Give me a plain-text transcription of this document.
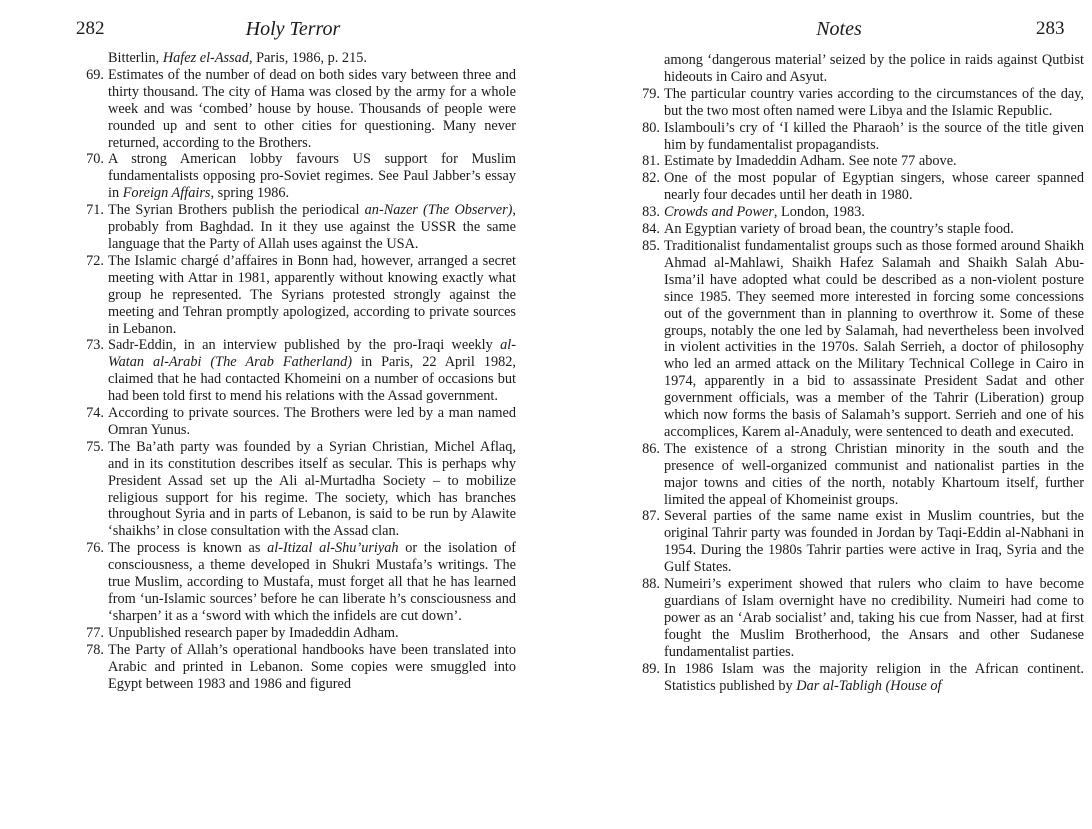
282	Holy Terror

Bitterlin, Hafez el-Assad, Paris, 1986, p. 215.

69. Estimates of the number of dead on both sides vary between three and thirty thousand. The city of Hama was closed by the army for a whole week and was ‘combed’ house by house. Thousands of people were rounded up and sent to other cities for questioning. Many never returned, according to the Brothers.

70. A strong American lobby favours US support for Muslim fundamentalists opposing pro-Soviet regimes. See Paul Jabber’s essay in Foreign Affairs, spring 1986.

71. The Syrian Brothers publish the periodical an-Nazer (The Observer), probably from Baghdad. In it they use against the USSR the same language that the Party of Allah uses against the USA.

72. The Islamic chargé d’affaires in Bonn had, however, arranged a secret meeting with Attar in 1981, apparently without knowing exactly what group he represented. The Syrians protested strongly against the meeting and Tehran promptly apologized, according to private sources in Lebanon.

73. Sadr-Eddin, in an interview published by the pro-Iraqi weekly al-Watan al-Arabi (The Arab Fatherland) in Paris, 22 April 1982, claimed that he had contacted Khomeini on a number of occasions but had been told first to mend his relations with the Assad government.

74. According to private sources. The Brothers were led by a man named Omran Yunus.

75. The Ba’ath party was founded by a Syrian Christian, Michel Aflaq, and in its constitution describes itself as secular. This is perhaps why President Assad set up the Ali al-Murtadha Society – to mobilize religious support for his regime. The society, which has branches throughout Syria and in parts of Lebanon, is said to be run by Alawite ‘shaikhs’ in close consultation with the Assad clan.

76. The process is known as al-Itizal al-Shu’uriyah or the isolation of consciousness, a theme developed in Shukri Mustafa’s writings. The true Muslim, according to Mustafa, must forget all that he has learned from ‘un-Islamic sources’ before he can liberate h’s consciousness and ‘sharpen’ it as a ‘sword with which the infidels are cut down’.

77. Unpublished research paper by Imadeddin Adham.

78. The Party of Allah’s operational handbooks have been translated into Arabic and printed in Lebanon. Some copies were smuggled into Egypt between 1983 and 1986 and figured

Notes	283

among ‘dangerous material’ seized by the police in raids against Qutbist hideouts in Cairo and Asyut.

79. The particular country varies according to the circumstances of the day, but the two most often named were Libya and the Islamic Republic.

80. Islambouli’s cry of ‘I killed the Pharaoh’ is the source of the title given him by fundamentalist propagandists.

81. Estimate by Imadeddin Adham. See note 77 above.

82. One of the most popular of Egyptian singers, whose career spanned nearly four decades until her death in 1980.

83. Crowds and Power, London, 1983.

84. An Egyptian variety of broad bean, the country’s staple food.

85. Traditionalist fundamentalist groups such as those formed around Shaikh Ahmad al-Mahlawi, Shaikh Hafez Salamah and Shaikh Salah Abu-Isma’il have adopted what could be described as a non-violent posture since 1985. They seemed more interested in forcing some concessions out of the government than in planning to overthrow it. Some of these groups, notably the one led by Salamah, had nevertheless been involved in violent activities in the 1970s. Salah Serrieh, a doctor of philosophy who led an armed attack on the Military Technical College in Cairo in 1974, apparently in a bid to assassinate President Sadat and other government officials, was a member of the Tahrir (Liberation) group which now forms the basis of Salamah’s support. Serrieh and one of his accomplices, Karem al-Anaduly, were sentenced to death and executed.

86. The existence of a strong Christian minority in the south and the presence of well-organized communist and nationalist parties in the major towns and cities of the north, notably Khartoum itself, further limited the appeal of Khomeinist groups.

87. Several parties of the same name exist in Muslim countries, but the original Tahrir party was founded in Jordan by Taqi-Eddin al-Nabhani in 1954. During the 1980s Tahrir parties were active in Iraq, Syria and the Gulf States.

88. Numeiri’s experiment showed that rulers who claim to have become guardians of Islam overnight have no credibility. Numeiri had come to power as an ‘Arab socialist’ and, taking his cue from Nasser, had at first fought the Muslim Brotherhood, the Ansars and other Sudanese fundamentalist parties.

89. In 1986 Islam was the majority religion in the African continent. Statistics published by Dar al-Tabligh (House of
